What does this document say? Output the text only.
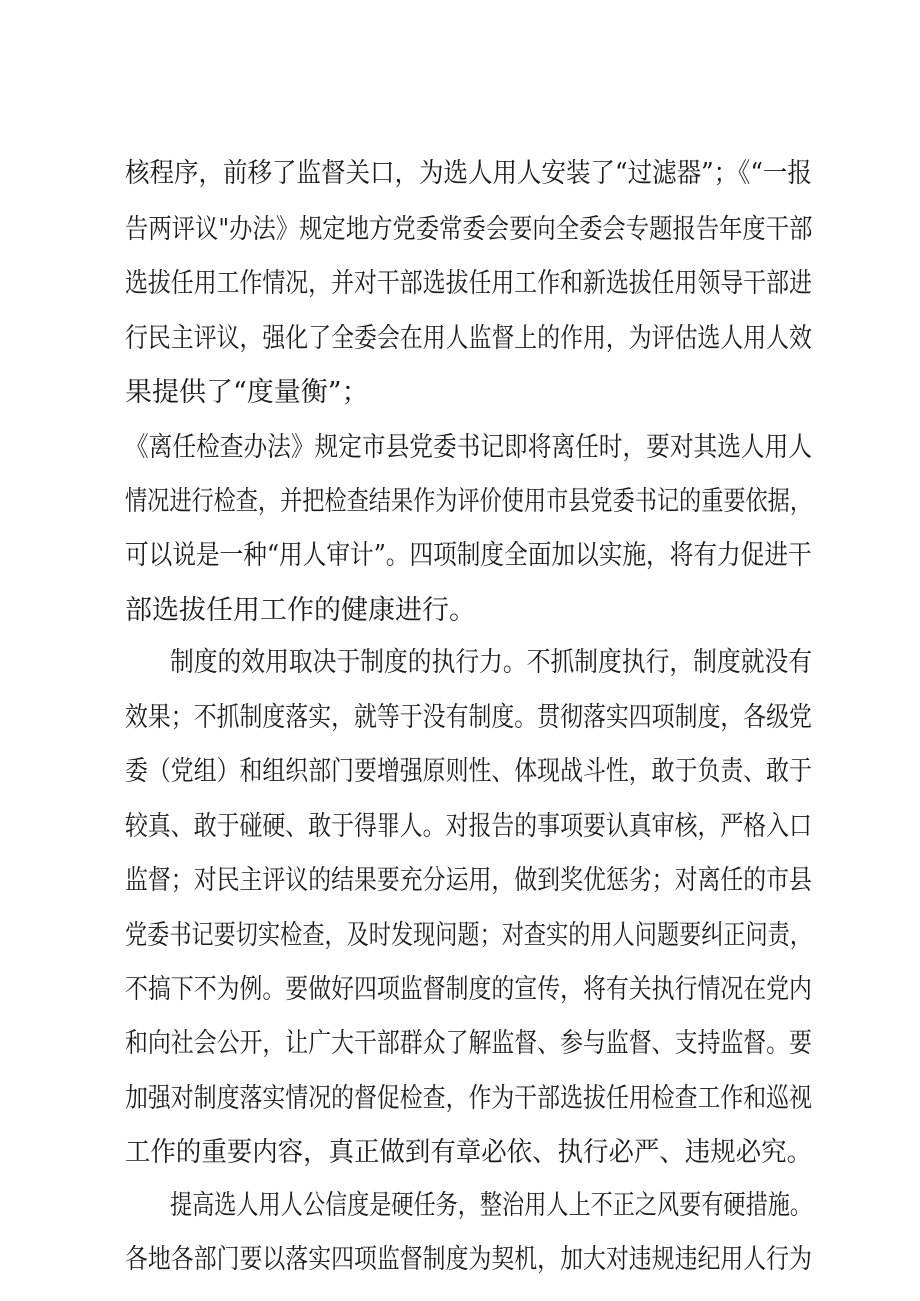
核程序，前移了监督关口，为选人用人安装了“过滤器”；《“一报

告两评议"办法》规定地方党委常委会要向全委会专题报告年度干部

选拔任用工作情况，并对干部选拔任用工作和新选拔任用领导干部进

行民主评议，强化了全委会在用人监督上的作用，为评估选人用人效

果提供了“度量衡”；

《离任检查办法》规定市县党委书记即将离任时，要对其选人用人

情况进行检查，并把检查结果作为评价使用市县党委书记的重要依据，

可以说是一种“用人审计”。四项制度全面加以实施，将有力促进干

部选拔任用工作的健康进行。

制度的效用取决于制度的执行力。不抓制度执行，制度就没有

效果；不抓制度落实，就等于没有制度。贯彻落实四项制度，各级党

委（党组）和组织部门要增强原则性、体现战斗性，敢于负责、敢于

较真、敢于碰硬、敢于得罪人。对报告的事项要认真审核，严格入口

监督；对民主评议的结果要充分运用，做到奖优惩劣；对离任的市县

党委书记要切实检查，及时发现问题；对查实的用人问题要纠正问责，

不搞下不为例。要做好四项监督制度的宣传，将有关执行情况在党内

和向社会公开，让广大干部群众了解监督、参与监督、支持监督。要

加强对制度落实情况的督促检查，作为干部选拔任用检查工作和巡视

工作的重要内容，真正做到有章必依、执行必严、违规必究。

提高选人用人公信度是硬任务，整治用人上不正之风要有硬措施。

各地各部门要以落实四项监督制度为契机，加大对违规违纪用人行为
